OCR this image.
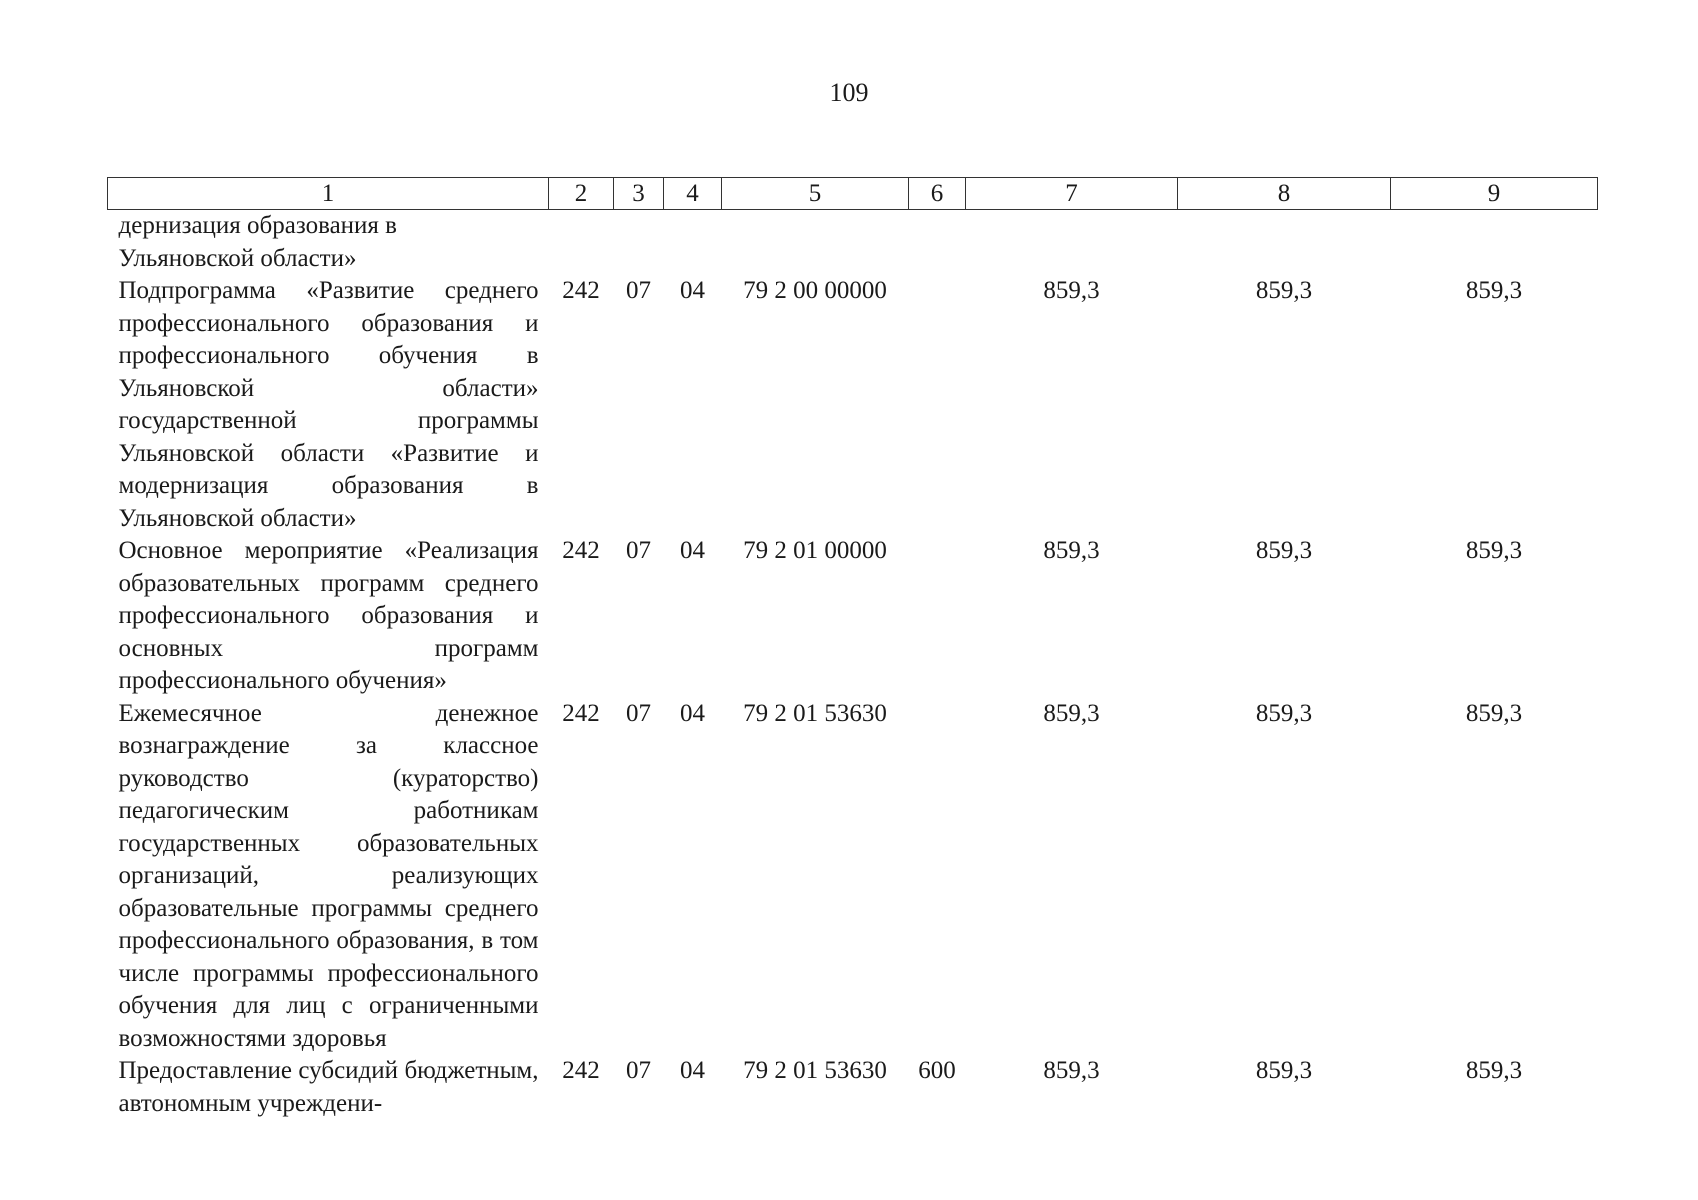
109
1	2	3	4	5	6	7	8	9
дернизация образования в Ульяновской области»								
Подпрограмма «Развитие среднего профессионального образования и профессионального обучения в Ульяновской области» государственной программы Ульяновской области «Развитие и модернизация образования в Ульяновской области»	242	07	04	79 2 00 00000		859,3	859,3	859,3
Основное мероприятие «Реализация образовательных программ среднего профессионального образования и основных программ профессионального обучения»	242	07	04	79 2 01 00000		859,3	859,3	859,3
Ежемесячное денежное вознаграждение за классное руководство (кураторство) педагогическим работникам государственных образовательных организаций, реализующих образовательные программы среднего профессионального образования, в том числе программы профессионального обучения для лиц с ограниченными возможностями здоровья	242	07	04	79 2 01 53630		859,3	859,3	859,3
Предоставление субсидий бюджетным, автономным учреждени-	242	07	04	79 2 01 53630	600	859,3	859,3	859,3
